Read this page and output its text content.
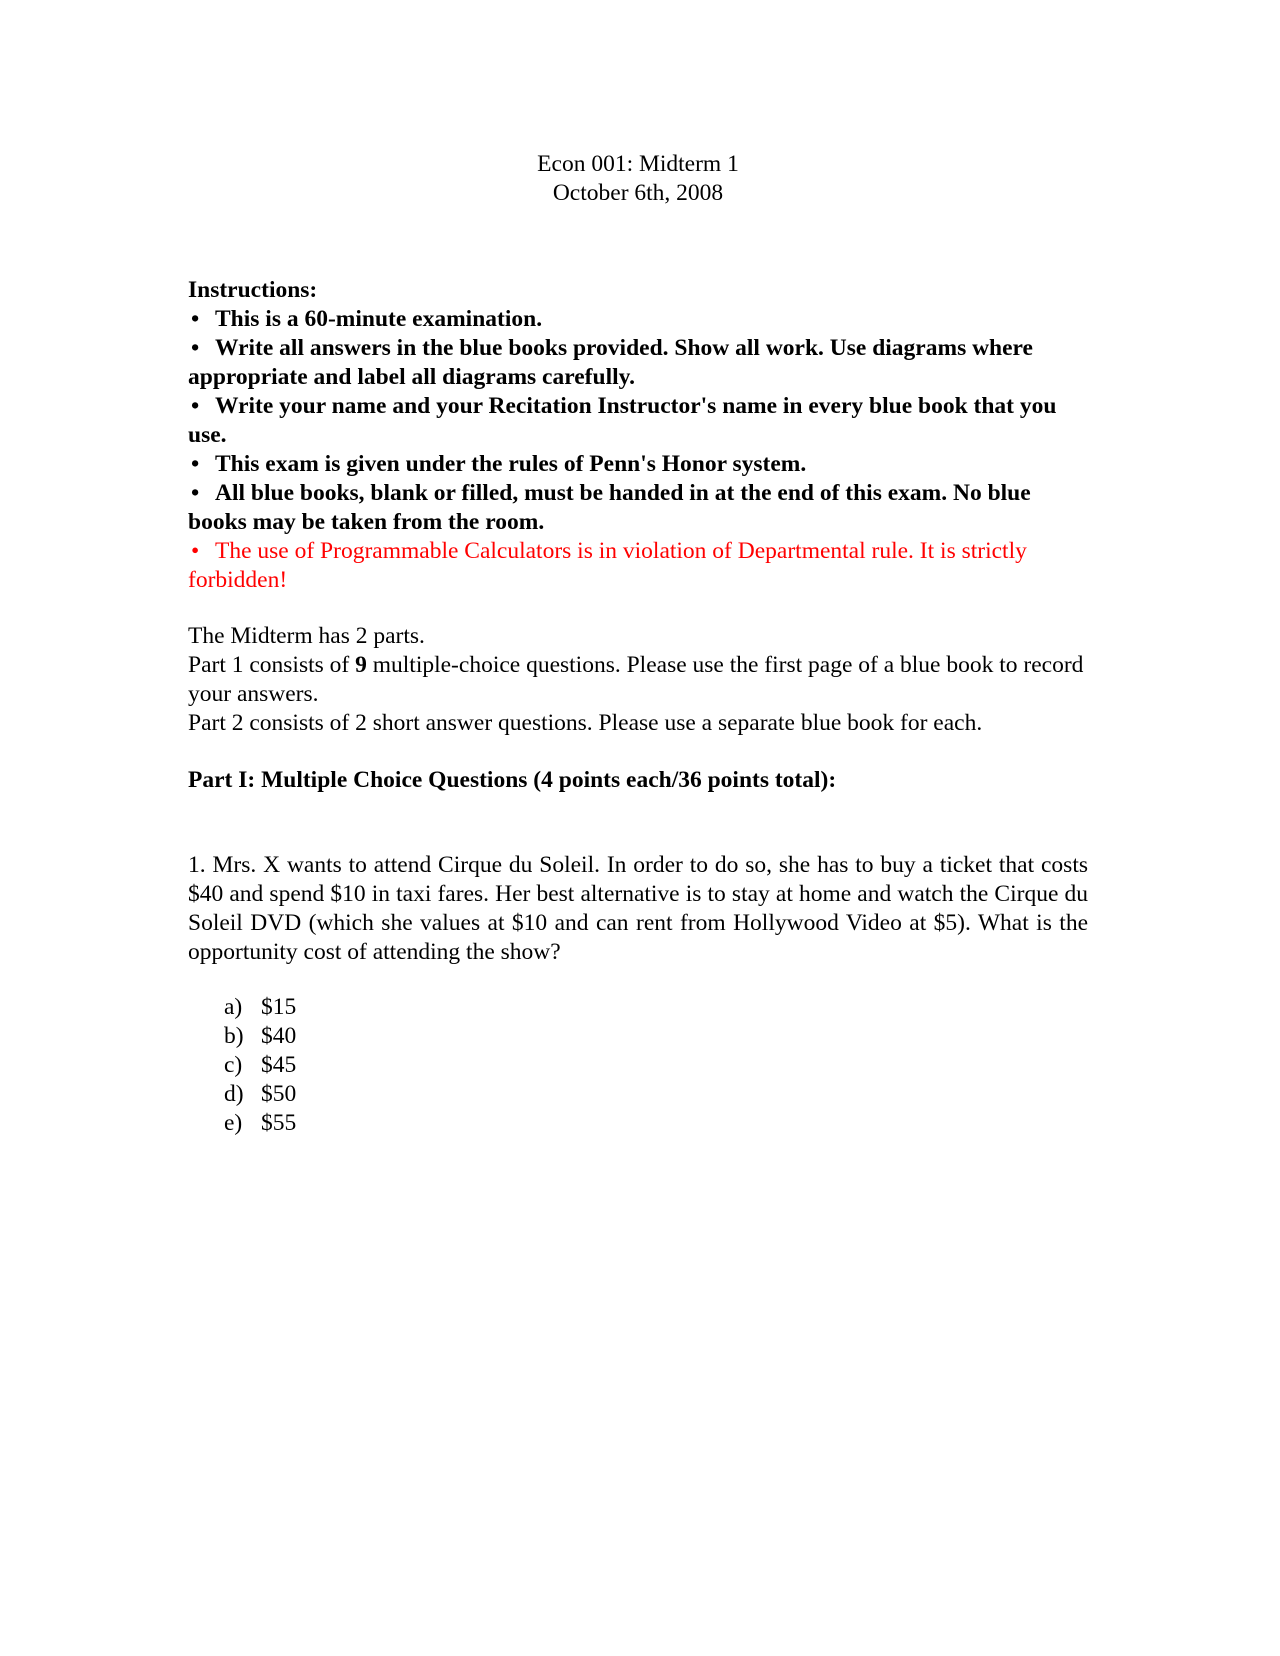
Econ 001: Midterm 1
October 6th, 2008
Instructions:
• This is a 60-minute examination.
• Write all answers in the blue books provided. Show all work. Use diagrams where appropriate and label all diagrams carefully.
• Write your name and your Recitation Instructor's name in every blue book that you use.
• This exam is given under the rules of Penn's Honor system.
• All blue books, blank or filled, must be handed in at the end of this exam. No blue books may be taken from the room.
• The use of Programmable Calculators is in violation of Departmental rule. It is strictly forbidden!
The Midterm has 2 parts.
Part 1 consists of 9 multiple-choice questions. Please use the first page of a blue book to record your answers.
Part 2 consists of 2 short answer questions. Please use a separate blue book for each.
Part I: Multiple Choice Questions (4 points each/36 points total):
1. Mrs. X wants to attend Cirque du Soleil. In order to do so, she has to buy a ticket that costs $40 and spend $10 in taxi fares. Her best alternative is to stay at home and watch the Cirque du Soleil DVD (which she values at $10 and can rent from Hollywood Video at $5). What is the opportunity cost of attending the show?
a) $15
b) $40
c) $45
d) $50
e) $55
